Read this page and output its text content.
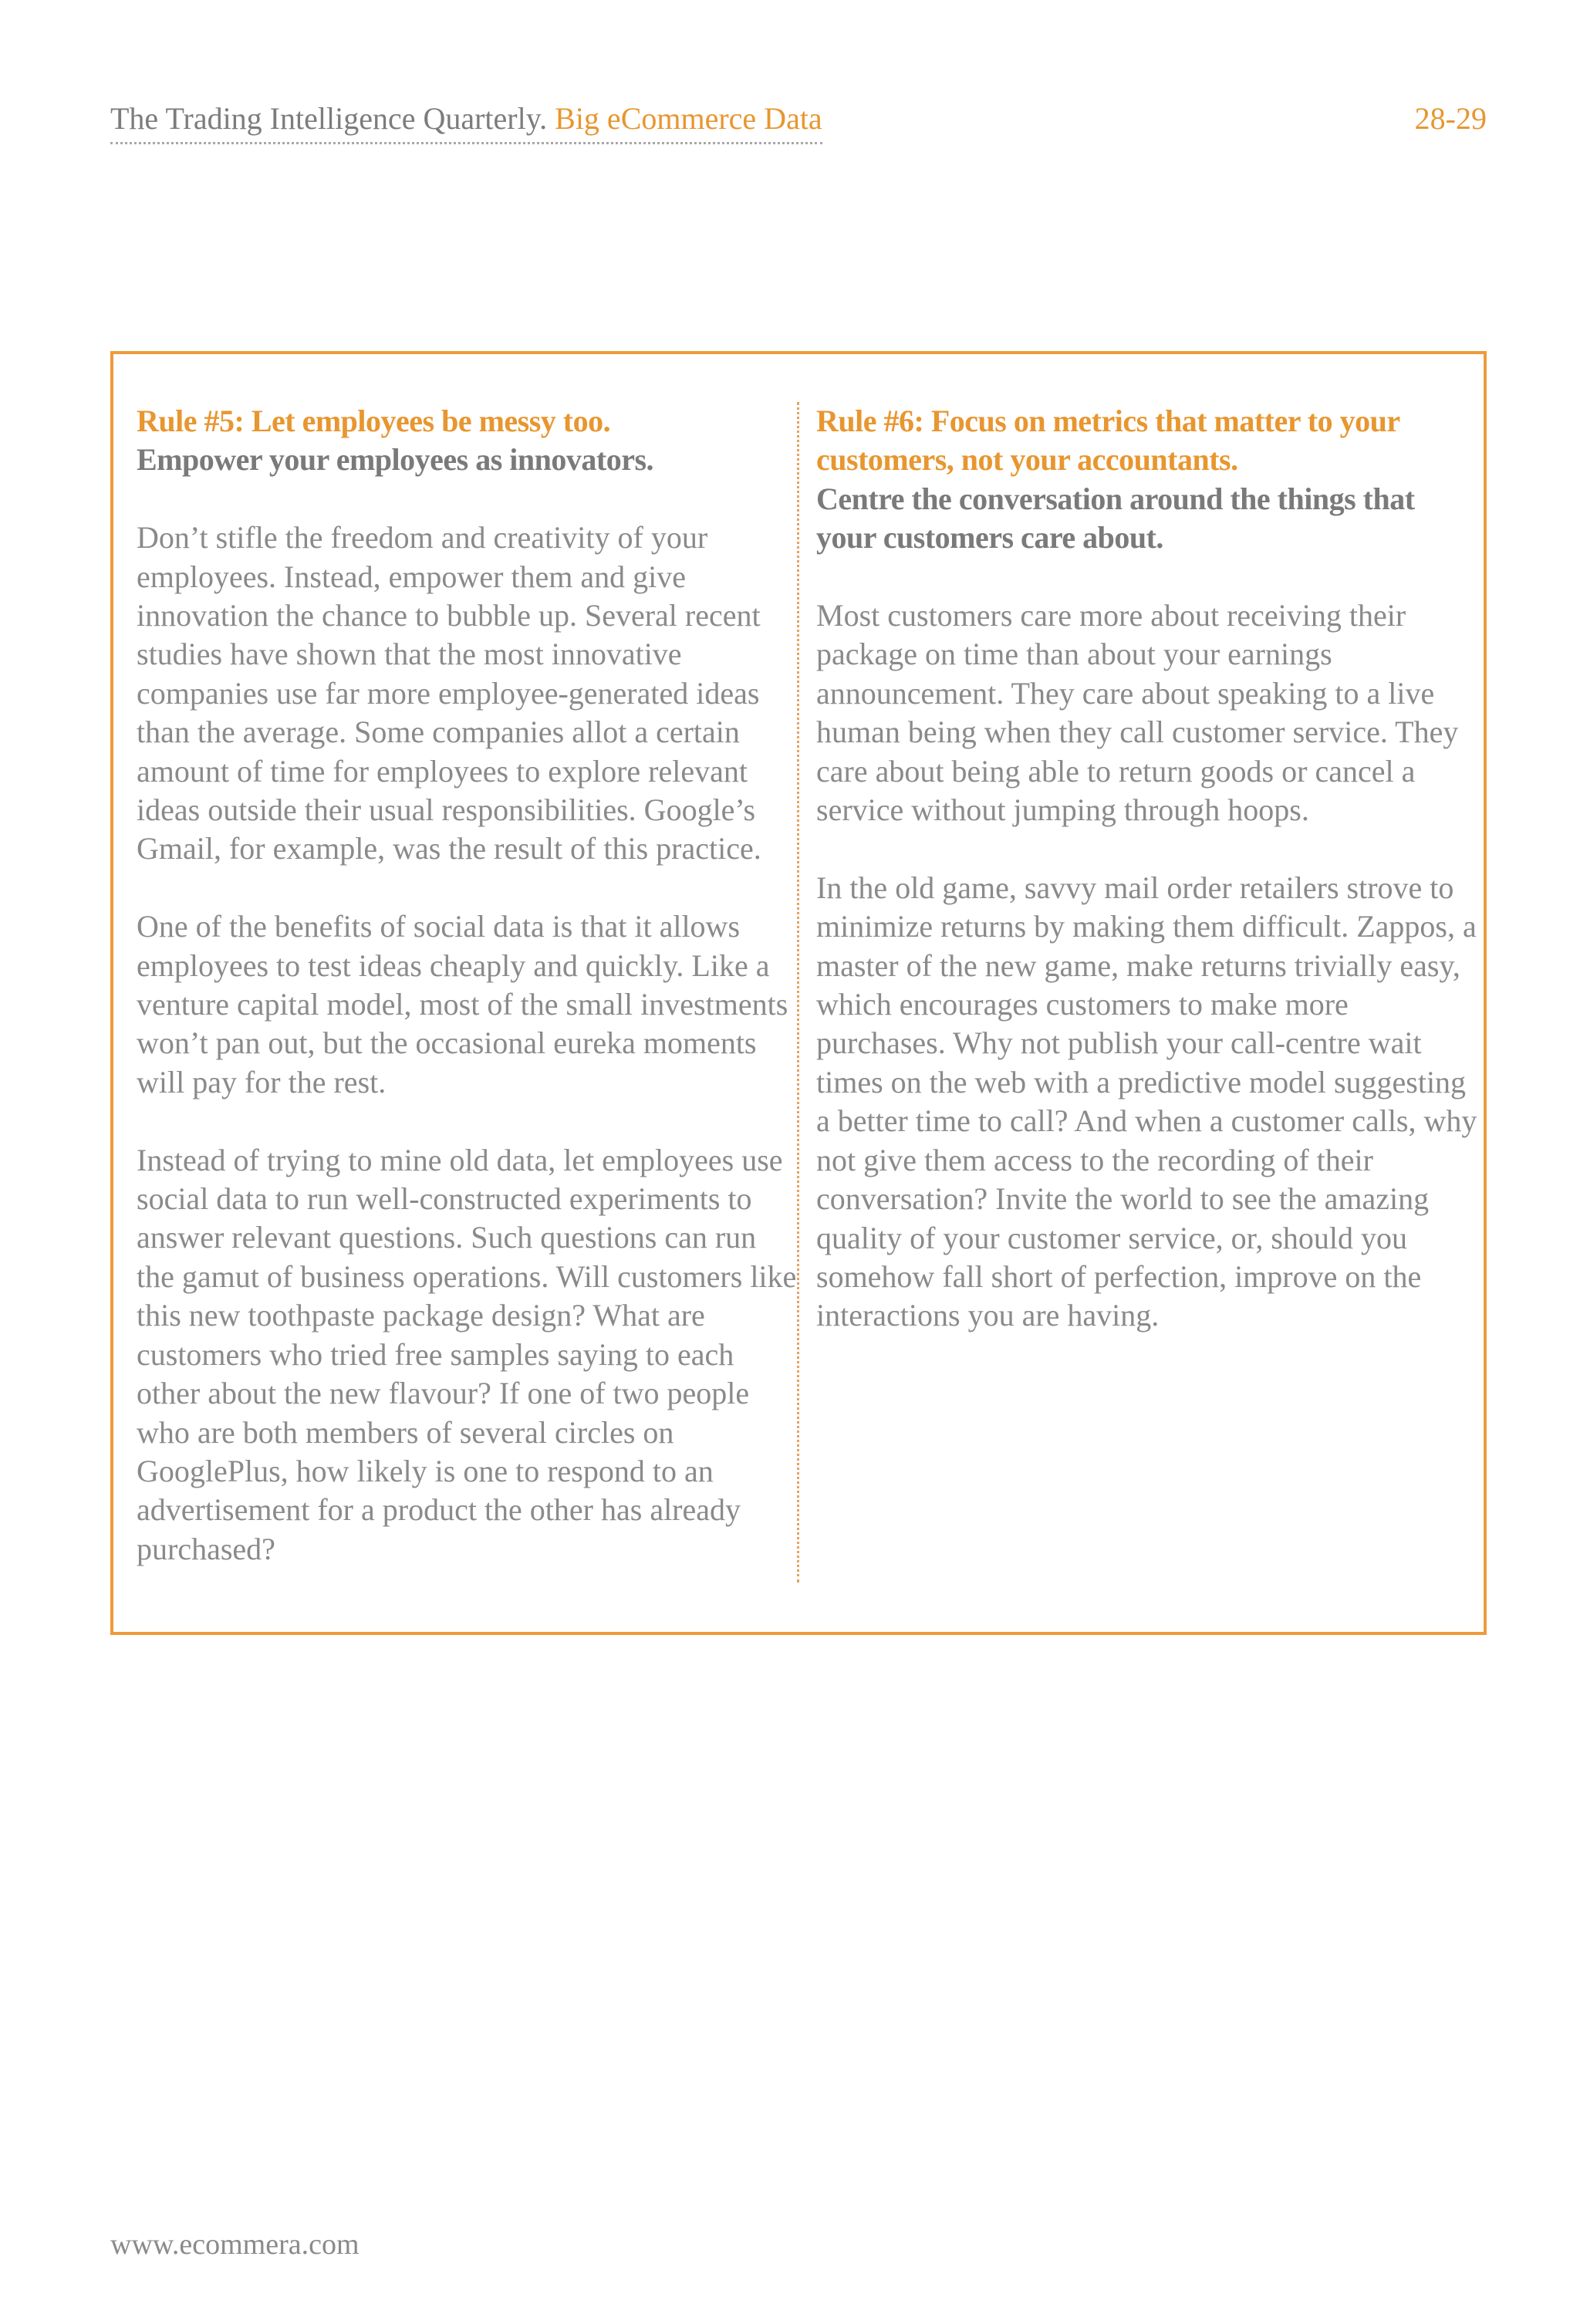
The Trading Intelligence Quarterly. Big eCommerce Data	28-29
Rule #5: Let employees be messy too.
Empower your employees as innovators.

Don’t stifle the freedom and creativity of your employees. Instead, empower them and give innovation the chance to bubble up. Several recent studies have shown that the most innovative companies use far more employee-generated ideas than the average. Some companies allot a certain amount of time for employees to explore relevant ideas outside their usual responsibilities. Google’s Gmail, for example, was the result of this practice.

One of the benefits of social data is that it allows employees to test ideas cheaply and quickly. Like a venture capital model, most of the small investments won’t pan out, but the occasional eureka moments will pay for the rest.

Instead of trying to mine old data, let employees use social data to run well-constructed experiments to answer relevant questions. Such questions can run the gamut of business operations. Will customers like this new toothpaste package design? What are customers who tried free samples saying to each other about the new flavour? If one of two people who are both members of several circles on GooglePlus, how likely is one to respond to an advertisement for a product the other has already purchased?

Rule #6: Focus on metrics that matter to your customers, not your accountants.
Centre the conversation around the things that your customers care about.

Most customers care more about receiving their package on time than about your earnings announcement. They care about speaking to a live human being when they call customer service. They care about being able to return goods or cancel a service without jumping through hoops.

In the old game, savvy mail order retailers strove to minimize returns by making them difficult. Zappos, a master of the new game, make returns trivially easy, which encourages customers to make more purchases. Why not publish your call-centre wait times on the web with a predictive model suggesting a better time to call? And when a customer calls, why not give them access to the recording of their conversation? Invite the world to see the amazing quality of your customer service, or, should you somehow fall short of perfection, improve on the interactions you are having.

www.ecommera.com
